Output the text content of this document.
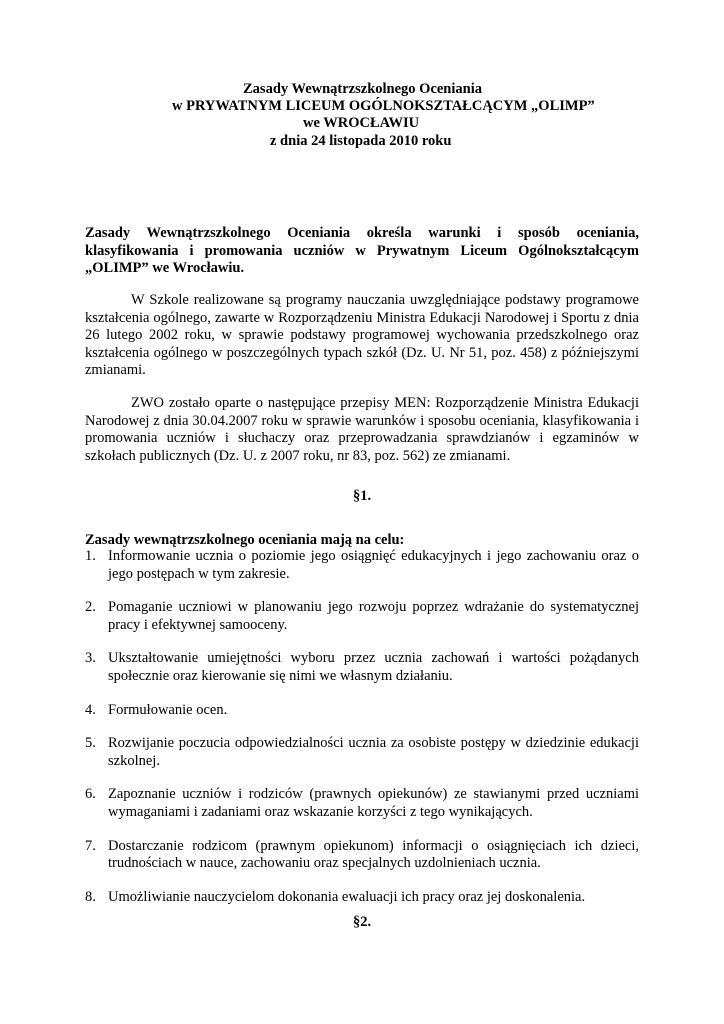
Zasady Wewnątrzszkolnego Oceniania
w PRYWATNYM LICEUM OGÓLNOKSZTAŁCĄCYM „OLIMP”
we WROCŁAWIU
z dnia 24 listopada 2010 roku
Zasady Wewnątrzszkolnego Oceniania określa warunki i sposób oceniania, klasyfikowania i promowania uczniów w Prywatnym Liceum Ogólnokształcącym „OLIMP” we Wrocławiu.
W Szkole realizowane są programy nauczania uwzględniające podstawy programowe kształcenia ogólnego, zawarte w Rozporządzeniu Ministra Edukacji Narodowej i Sportu z dnia 26 lutego 2002 roku, w sprawie podstawy programowej wychowania przedszkolnego oraz kształcenia ogólnego w poszczególnych typach szkół (Dz. U. Nr 51, poz. 458) z późniejszymi zmianami.
ZWO zostało oparte o następujące przepisy MEN: Rozporządzenie Ministra Edukacji Narodowej z dnia 30.04.2007 roku w sprawie warunków i sposobu oceniania, klasyfikowania i promowania uczniów i słuchaczy oraz przeprowadzania sprawdzianów i egzaminów w szkołach publicznych (Dz. U. z 2007 roku, nr 83, poz. 562) ze zmianami.
§1.
Zasady wewnątrzszkolnego oceniania mają na celu:
1. Informowanie ucznia o poziomie jego osiągnięć edukacyjnych i jego zachowaniu oraz o jego postępach w tym zakresie.
2. Pomaganie uczniowi w planowaniu jego rozwoju poprzez wdrażanie do systematycznej pracy i efektywnej samooceny.
3. Ukształtowanie umiejętności wyboru przez ucznia zachowań i wartości pożądanych społecznie oraz kierowanie się nimi we własnym działaniu.
4. Formułowanie ocen.
5. Rozwijanie poczucia odpowiedzialności ucznia za osobiste postępy w dziedzinie edukacji szkolnej.
6. Zapoznanie uczniów i rodziców (prawnych opiekunów) ze stawianymi przed uczniami wymaganiami i zadaniami oraz wskazanie korzyści z tego wynikających.
7. Dostarczanie rodzicom (prawnym opiekunom) informacji o osiągnięciach ich dzieci, trudnościach w nauce, zachowaniu oraz specjalnych uzdolnieniach ucznia.
8. Umożliwianie nauczycielom dokonania ewaluacji ich pracy oraz jej doskonalenia.
§2.
